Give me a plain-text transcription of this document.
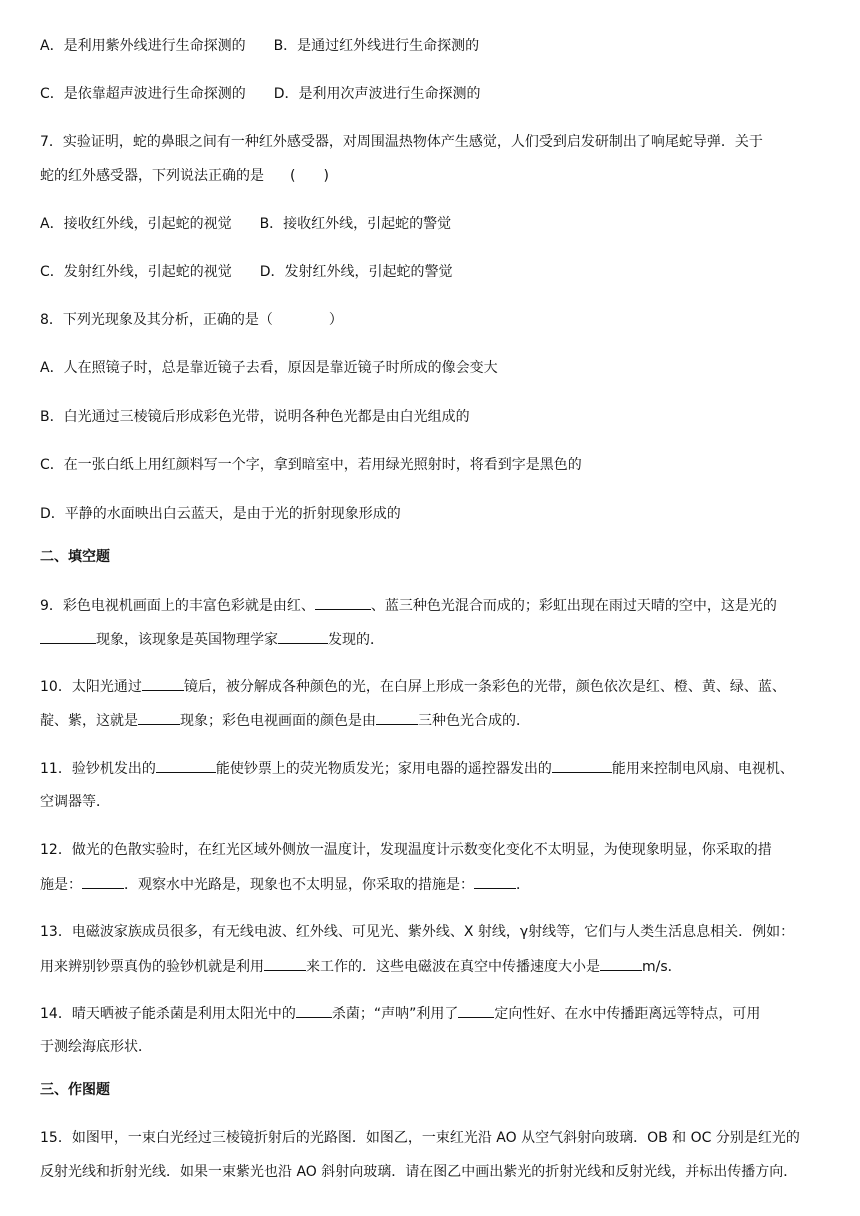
A．是利用紫外线进行生命探测的 B．是通过红外线进行生命探测的
C．是依靠超声波进行生命探测的 D．是利用次声波进行生命探测的
7．实验证明，蛇的鼻眼之间有一种红外感受器，对周围温热物体产生感觉，人们受到启发研制出了响尾蛇导弹．关于
蛇的红外感受器，下列说法正确的是 (　　)
A．接收红外线，引起蛇的视觉 B．接收红外线，引起蛇的警觉
C．发射红外线，引起蛇的视觉 D．发射红外线，引起蛇的警觉
8．下列光现象及其分析，正确的是（　　　　）
A．人在照镜子时，总是靠近镜子去看，原因是靠近镜子时所成的像会变大
B．白光通过三棱镜后形成彩色光带，说明各种色光都是由白光组成的
C．在一张白纸上用红颜料写一个字，拿到暗室中，若用绿光照射时，将看到字是黑色的
D．平静的水面映出白云蓝天，是由于光的折射现象形成的
二、填空题
9．彩色电视机画面上的丰富色彩就是由红、	、蓝三种色光混合而成的；彩虹出现在雨过天晴的空中，这是光的
现象，该现象是英国物理学家	发现的．
10．太阳光通过	镜后，被分解成各种颜色的光，在白屏上形成一条彩色的光带，颜色依次是红、橙、黄、绿、蓝、
靛、紫，这就是	现象；彩色电视画面的颜色是由	三种色光合成的．
11．验钞机发出的	能使钞票上的荧光物质发光；家用电器的遥控器发出的	能用来控制电风扇、电视机、
空调器等．
12．做光的色散实验时，在红光区域外侧放一温度计，发现温度计示数变化变化不太明显，为使现象明显，你采取的措
施是：	．观察水中光路是，现象也不太明显，你采取的措施是：	．
13．电磁波家族成员很多，有无线电波、红外线、可见光、紫外线、X 射线，γ射线等，它们与人类生活息息相关．例如：
用来辨别钞票真伪的验钞机就是利用	来工作的．这些电磁波在真空中传播速度大小是	m/s．
14．晴天晒被子能杀菌是利用太阳光中的	杀菌；“声呐”利用了	定向性好、在水中传播距离远等特点，可用
于测绘海底形状．
三、作图题
15．如图甲，一束白光经过三棱镜折射后的光路图．如图乙，一束红光沿 AO 从空气斜射向玻璃．OB 和 OC 分别是红光的
反射光线和折射光线．如果一束紫光也沿 AO 斜射向玻璃．请在图乙中画出紫光的折射光线和反射光线，并标出传播方向．
